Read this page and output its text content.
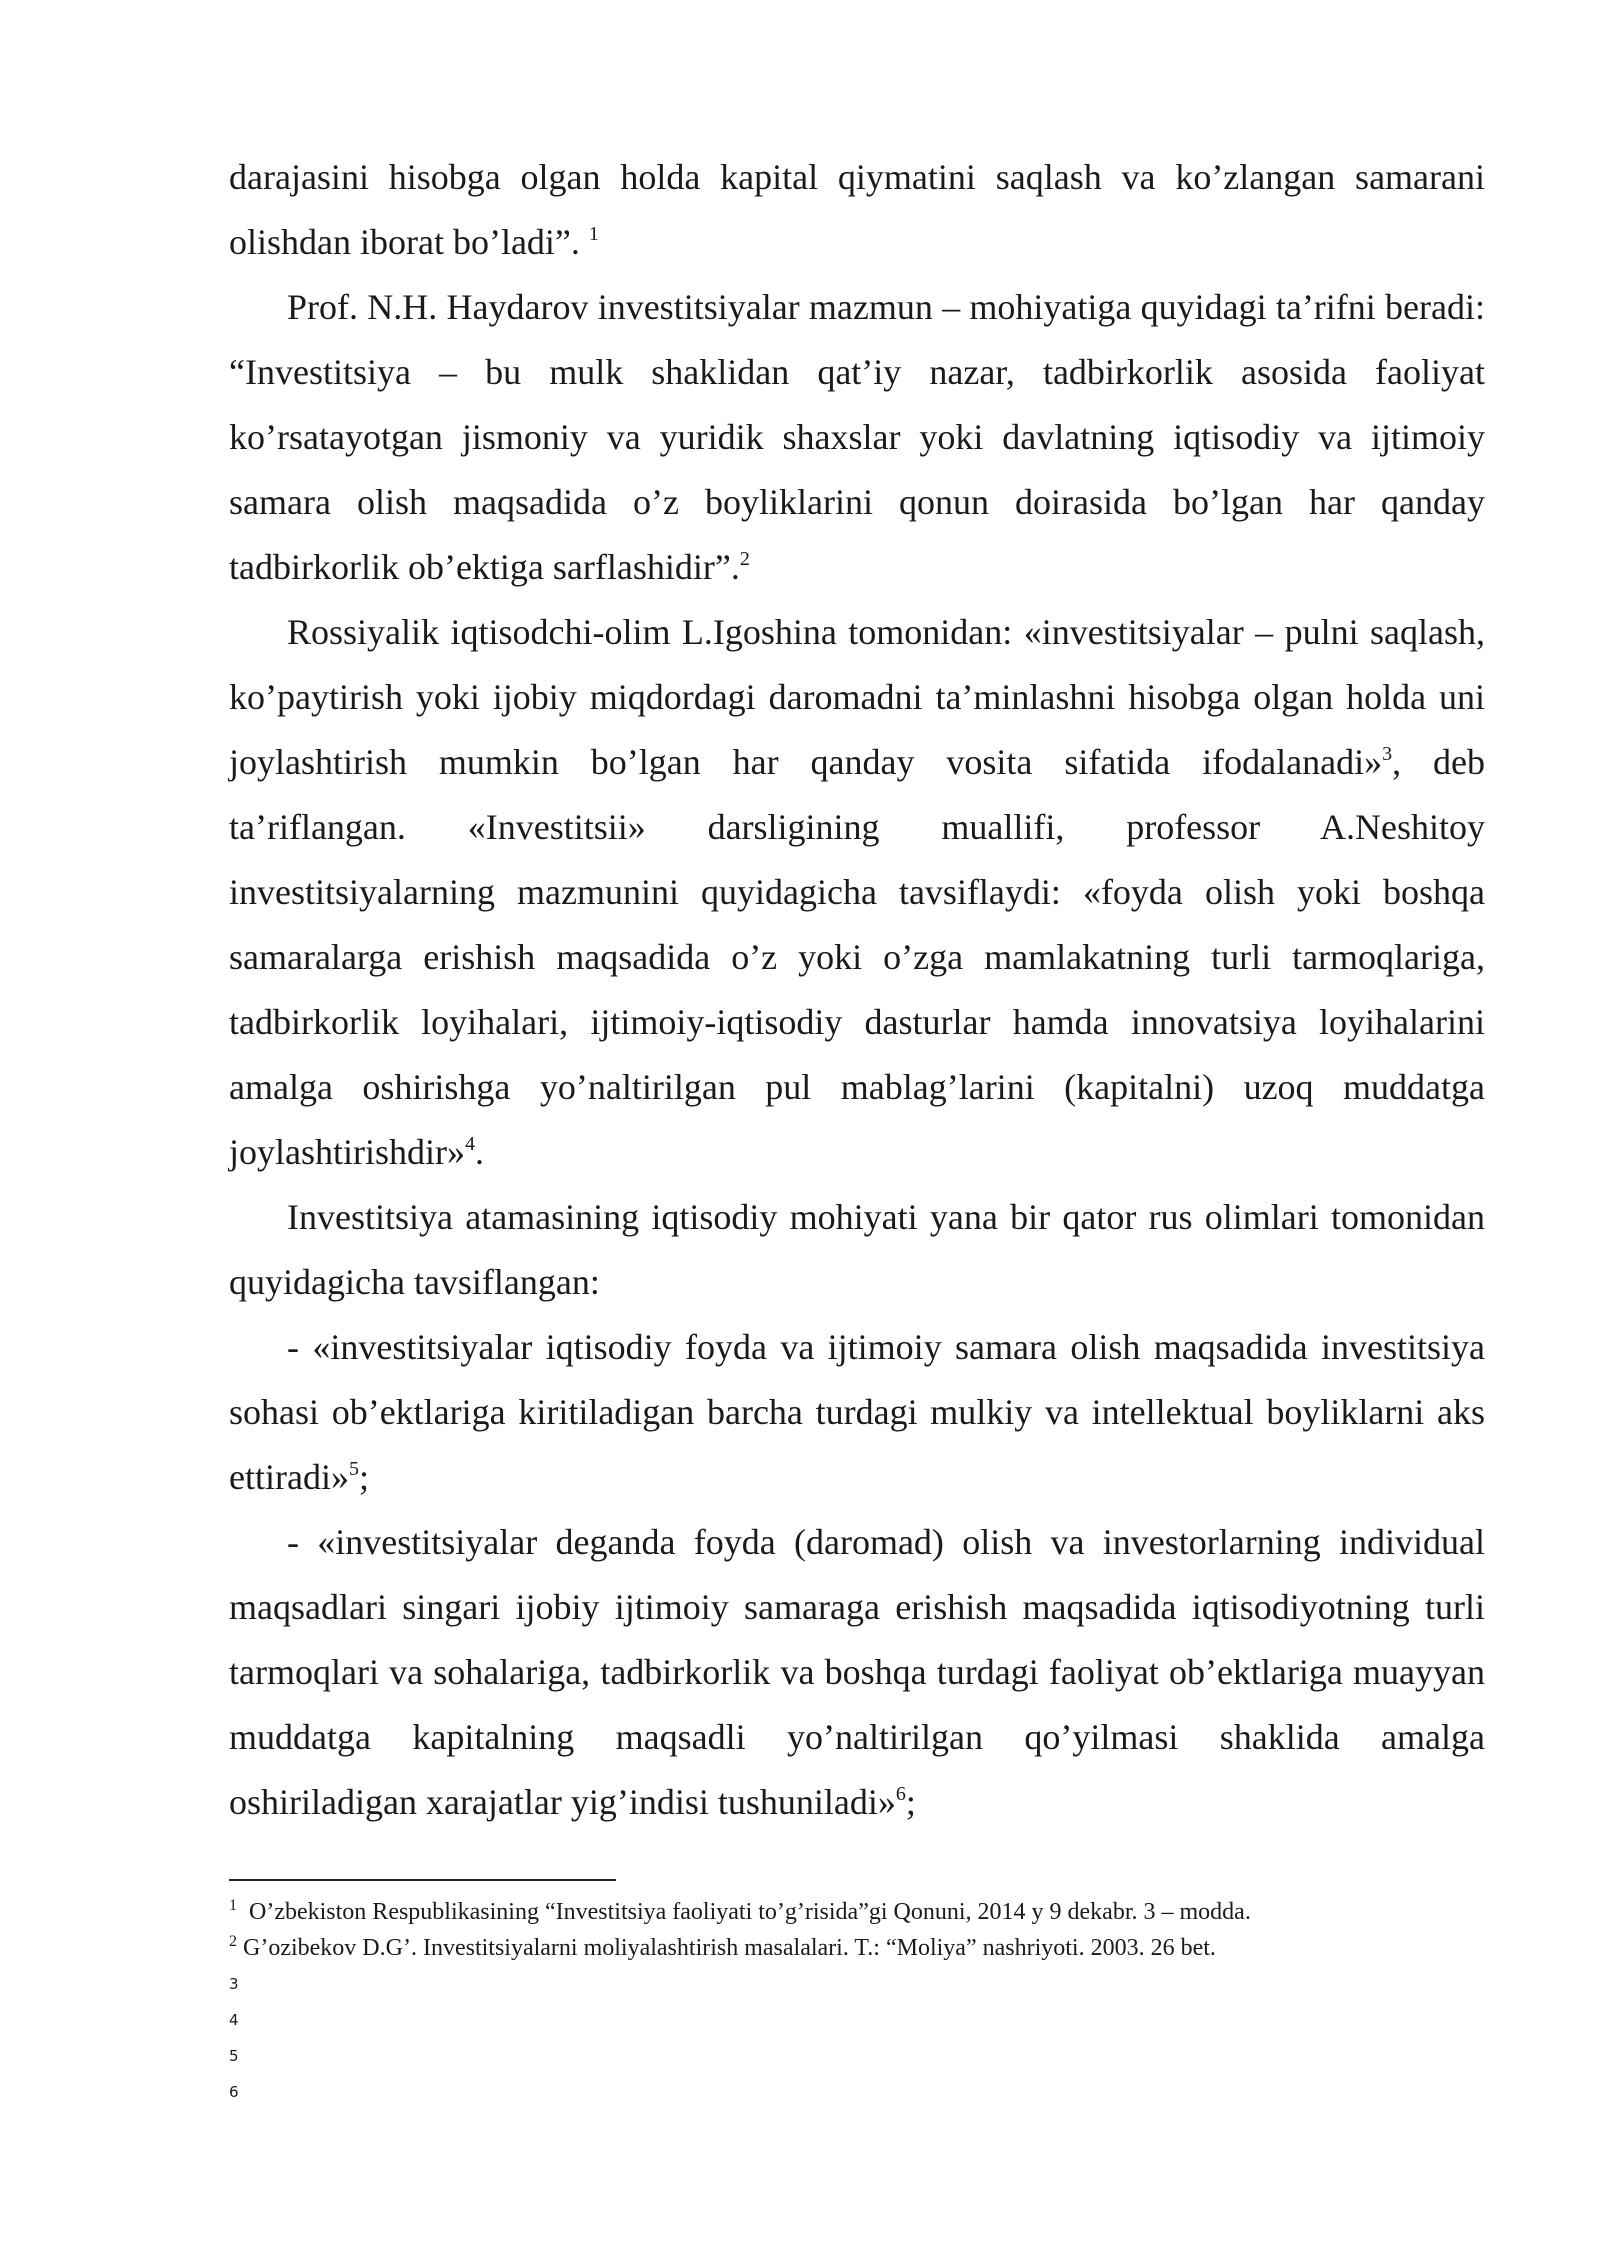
darajasini hisobga olgan holda kapital qiymatini saqlash va ko’zlangan samarani olishdan iborat bo’ladi”. $^1$

Prof. N.H. Haydarov investitsiyalar mazmun – mohiyatiga quyidagi ta’rifni beradi: “Investitsiya – bu mulk shaklidan qat’iy nazar, tadbirkorlik asosida faoliyat ko’rsatayotgan jismoniy va yuridik shaxslar yoki davlatning iqtisodiy va ijtimoiy samara olish maqsadida o’z boyliklarini qonun doirasida bo’lgan har qanday tadbirkorlik ob’ektiga sarflashidir”.$^2$

Rossiyalik iqtisodchi-olim L.Igoshina tomonidan: «investitsiyalar – pulni saqlash, ko’paytirish yoki ijobiy miqdordagi daromadni ta’minlashni hisobga olgan holda uni joylashtirish mumkin bo’lgan har qanday vosita sifatida ifodalanadi»$^3$, deb ta’riflangan. «Investitsii» darsligining muallifi, professor A.Neshitoy investitsiyalarning mazmunini quyidagicha tavsiflaydi: «foyda olish yoki boshqa samaralarga erishish maqsadida o’z yoki o’zga mamlakatning turli tarmoqlariga, tadbirkorlik loyihalari, ijtimoiy-iqtisodiy dasturlar hamda innovatsiya loyihalarini amalga oshirishga yo’naltirilgan pul mablag’larini (kapitalni) uzoq muddatga joylashtirishdir»$^4$.

Investitsiya atamasining iqtisodiy mohiyati yana bir qator rus olimlari tomonidan quyidagicha tavsiflangan:

- «investitsiyalar iqtisodiy foyda va ijtimoiy samara olish maqsadida investitsiya sohasi ob’ektlariga kiritiladigan barcha turdagi mulkiy va intellektual boyliklarni aks ettiradi»$^5$;

- «investitsiyalar deganda foyda (daromad) olish va investorlarning individual maqsadlari singari ijobiy ijtimoiy samaraga erishish maqsadida iqtisodiyotning turli tarmoqlari va sohalariga, tadbirkorlik va boshqa turdagi faoliyat ob’ektlariga muayyan muddatga kapitalning maqsadli yo’naltirilgan qo’yilmasi shaklida amalga oshiriladigan xarajatlar yig’indisi tushuniladi»$^6$;

$^1$  O’zbekiston Respublikasining “Investitsiya faoliyati to’g’risida”gi Qonuni, 2014 y 9 dekabr. 3 – modda.
$^2$ G’ozibekov D.G’. Investitsiyalarni moliyalashtirish masalalari. T.: “Moliya” nashriyoti. 2003. 26 bet.
3
4
5
6
